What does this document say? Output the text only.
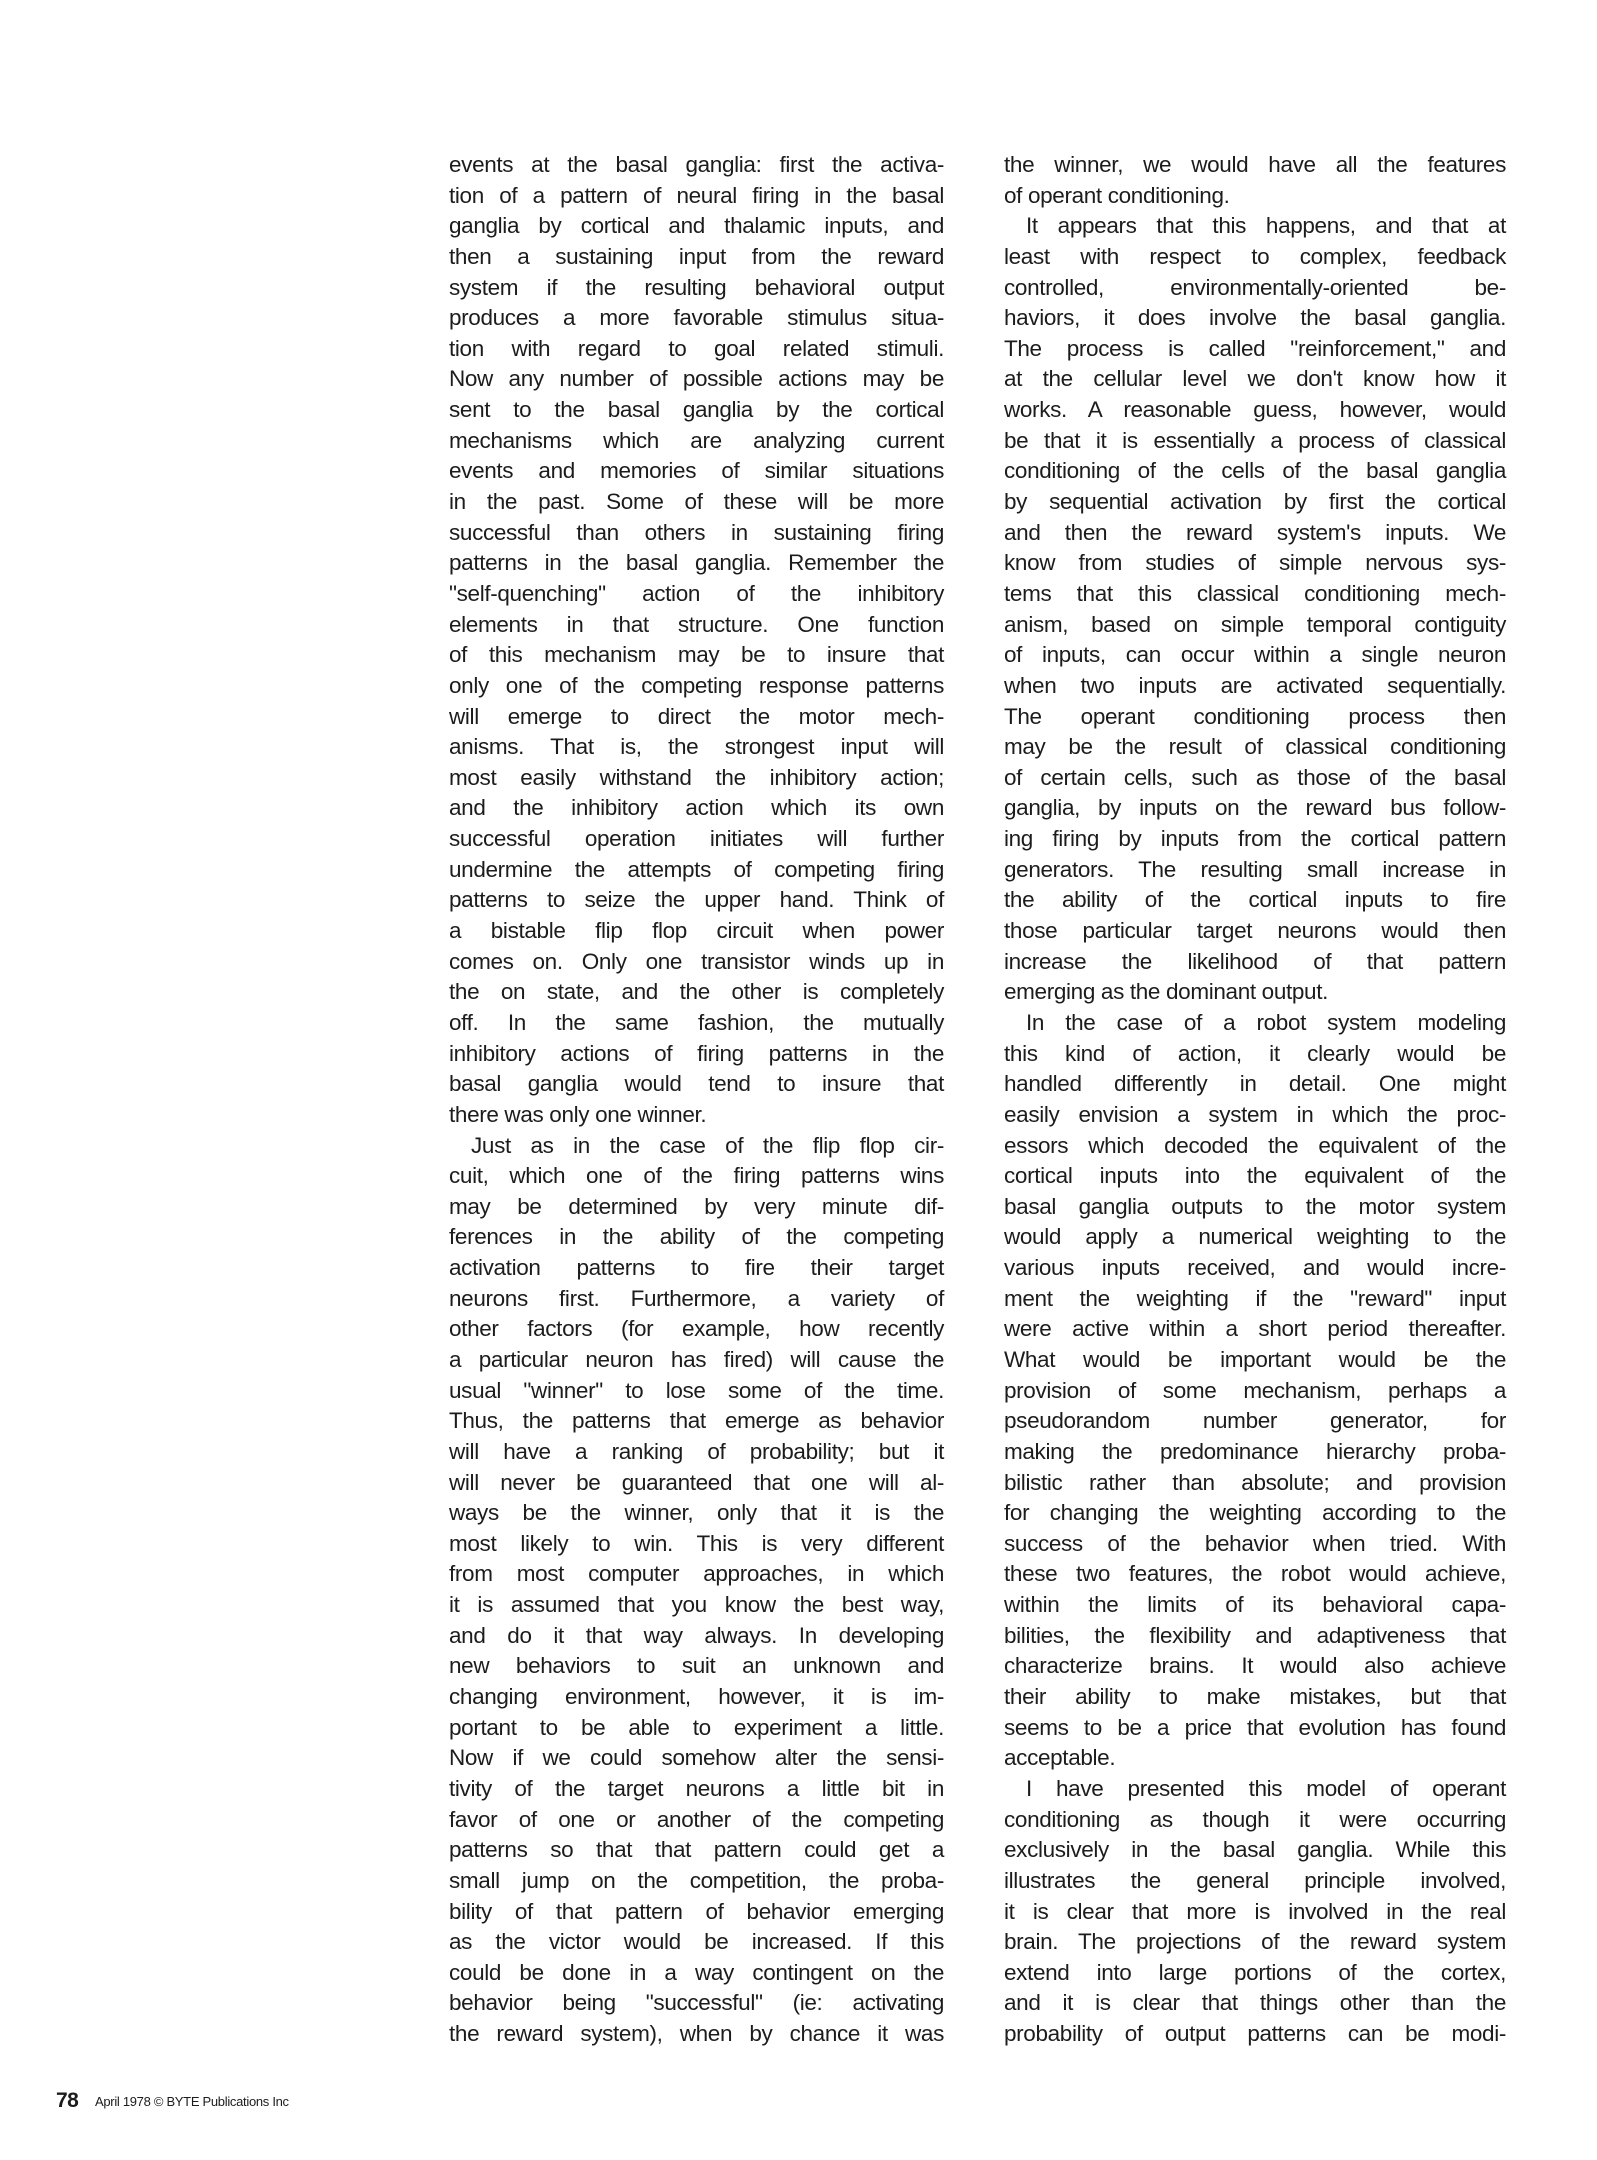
events at the basal ganglia: first the activa-
tion of a pattern of neural firing in the basal
ganglia by cortical and thalamic inputs, and
then a sustaining input from the reward
system if the resulting behavioral output
produces a more favorable stimulus situa-
tion with regard to goal related stimuli.
Now any number of possible actions may be
sent to the basal ganglia by the cortical
mechanisms which are analyzing current
events and memories of similar situations
in the past. Some of these will be more
successful than others in sustaining firing
patterns in the basal ganglia. Remember the
"self-quenching" action of the inhibitory
elements in that structure. One function
of this mechanism may be to insure that
only one of the competing response patterns
will emerge to direct the motor mech-
anisms. That is, the strongest input will
most easily withstand the inhibitory action;
and the inhibitory action which its own
successful operation initiates will further
undermine the attempts of competing firing
patterns to seize the upper hand. Think of
a bistable flip flop circuit when power
comes on. Only one transistor winds up in
the on state, and the other is completely
off. In the same fashion, the mutually
inhibitory actions of firing patterns in the
basal ganglia would tend to insure that
there was only one winner.
Just as in the case of the flip flop cir-
cuit, which one of the firing patterns wins
may be determined by very minute dif-
ferences in the ability of the competing
activation patterns to fire their target
neurons first. Furthermore, a variety of
other factors (for example, how recently
a particular neuron has fired) will cause the
usual "winner" to lose some of the time.
Thus, the patterns that emerge as behavior
will have a ranking of probability; but it
will never be guaranteed that one will al-
ways be the winner, only that it is the
most likely to win. This is very different
from most computer approaches, in which
it is assumed that you know the best way,
and do it that way always. In developing
new behaviors to suit an unknown and
changing environment, however, it is im-
portant to be able to experiment a little.
Now if we could somehow alter the sensi-
tivity of the target neurons a little bit in
favor of one or another of the competing
patterns so that that pattern could get a
small jump on the competition, the proba-
bility of that pattern of behavior emerging
as the victor would be increased. If this
could be done in a way contingent on the
behavior being "successful" (ie: activating
the reward system), when by chance it was
the winner, we would have all the features
of operant conditioning.
It appears that this happens, and that at
least with respect to complex, feedback
controlled, environmentally-oriented be-
haviors, it does involve the basal ganglia.
The process is called "reinforcement," and
at the cellular level we don't know how it
works. A reasonable guess, however, would
be that it is essentially a process of classical
conditioning of the cells of the basal ganglia
by sequential activation by first the cortical
and then the reward system's inputs. We
know from studies of simple nervous sys-
tems that this classical conditioning mech-
anism, based on simple temporal contiguity
of inputs, can occur within a single neuron
when two inputs are activated sequentially.
The operant conditioning process then
may be the result of classical conditioning
of certain cells, such as those of the basal
ganglia, by inputs on the reward bus follow-
ing firing by inputs from the cortical pattern
generators. The resulting small increase in
the ability of the cortical inputs to fire
those particular target neurons would then
increase the likelihood of that pattern
emerging as the dominant output.
In the case of a robot system modeling
this kind of action, it clearly would be
handled differently in detail. One might
easily envision a system in which the proc-
essors which decoded the equivalent of the
cortical inputs into the equivalent of the
basal ganglia outputs to the motor system
would apply a numerical weighting to the
various inputs received, and would incre-
ment the weighting if the "reward" input
were active within a short period thereafter.
What would be important would be the
provision of some mechanism, perhaps a
pseudorandom number generator, for
making the predominance hierarchy proba-
bilistic rather than absolute; and provision
for changing the weighting according to the
success of the behavior when tried. With
these two features, the robot would achieve,
within the limits of its behavioral capa-
bilities, the flexibility and adaptiveness that
characterize brains. It would also achieve
their ability to make mistakes, but that
seems to be a price that evolution has found
acceptable.
I have presented this model of operant
conditioning as though it were occurring
exclusively in the basal ganglia. While this
illustrates the general principle involved,
it is clear that more is involved in the real
brain. The projections of the reward system
extend into large portions of the cortex,
and it is clear that things other than the
probability of output patterns can be modi-
78 April 1978 © BYTE Publications Inc
